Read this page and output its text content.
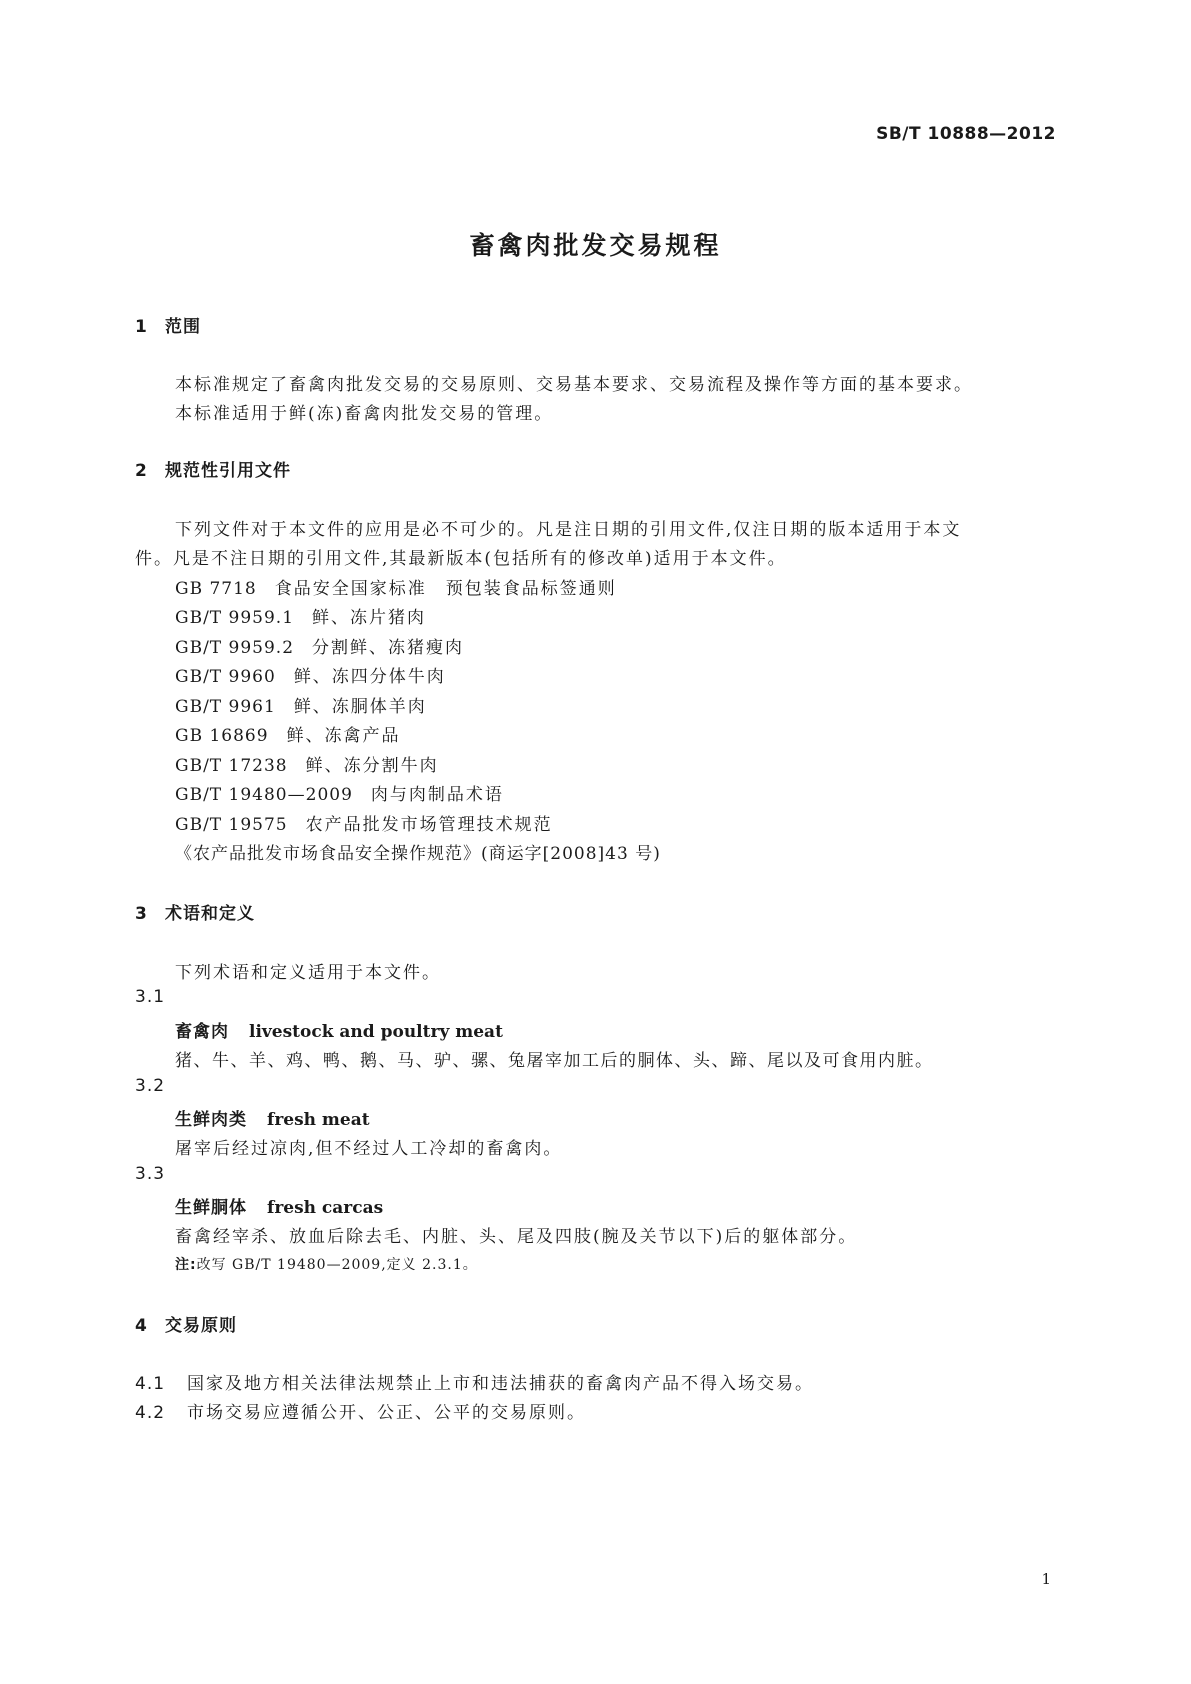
SB/T 10888—2012
畜禽肉批发交易规程
1 范围
本标准规定了畜禽肉批发交易的交易原则、交易基本要求、交易流程及操作等方面的基本要求。
本标准适用于鲜(冻)畜禽肉批发交易的管理。
2 规范性引用文件
下列文件对于本文件的应用是必不可少的。凡是注日期的引用文件,仅注日期的版本适用于本文
件。凡是不注日期的引用文件,其最新版本(包括所有的修改单)适用于本文件。
GB 7718 食品安全国家标准　预包装食品标签通则
GB/T 9959.1 鲜、冻片猪肉
GB/T 9959.2 分割鲜、冻猪瘦肉
GB/T 9960 鲜、冻四分体牛肉
GB/T 9961 鲜、冻胴体羊肉
GB 16869 鲜、冻禽产品
GB/T 17238 鲜、冻分割牛肉
GB/T 19480—2009 肉与肉制品术语
GB/T 19575 农产品批发市场管理技术规范
《农产品批发市场食品安全操作规范》(商运字[2008]43 号)
3 术语和定义
下列术语和定义适用于本文件。
3.1
畜禽肉 livestock and poultry meat
猪、牛、羊、鸡、鸭、鹅、马、驴、骡、兔屠宰加工后的胴体、头、蹄、尾以及可食用内脏。
3.2
生鲜肉类 fresh meat
屠宰后经过凉肉,但不经过人工冷却的畜禽肉。
3.3
生鲜胴体 fresh carcas
畜禽经宰杀、放血后除去毛、内脏、头、尾及四肢(腕及关节以下)后的躯体部分。
注:改写 GB/T 19480—2009,定义 2.3.1。
4 交易原则
4.1 国家及地方相关法律法规禁止上市和违法捕获的畜禽肉产品不得入场交易。
4.2 市场交易应遵循公开、公正、公平的交易原则。
1
